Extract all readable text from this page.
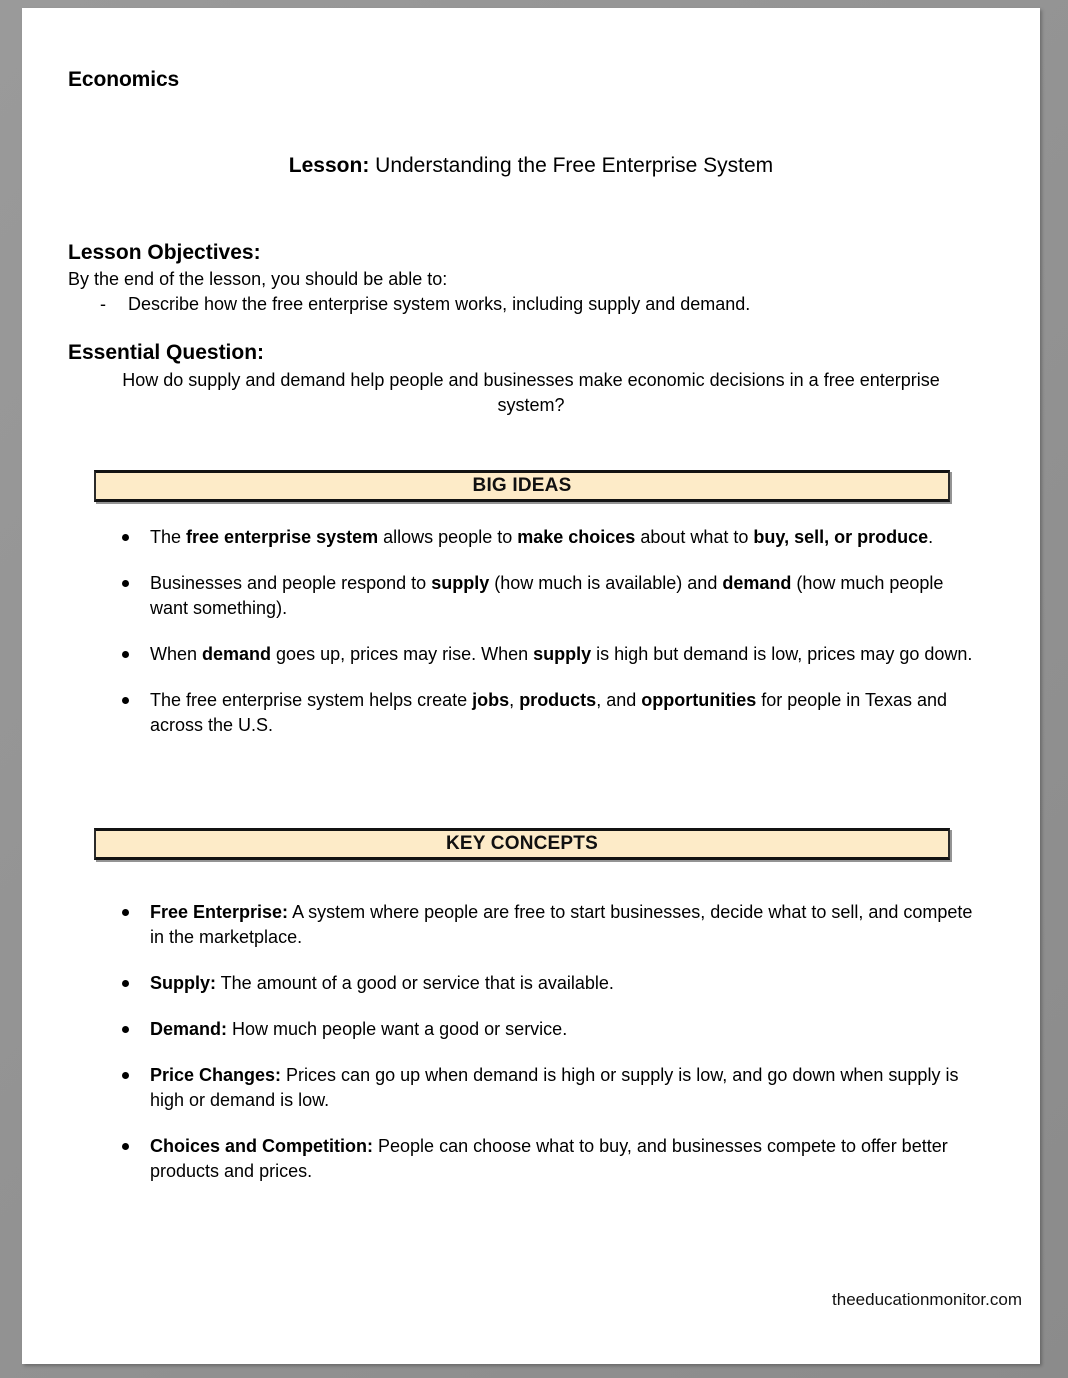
Economics
Lesson: Understanding the Free Enterprise System
Lesson Objectives:
By the end of the lesson, you should be able to:
- Describe how the free enterprise system works, including supply and demand.
Essential Question:
How do supply and demand help people and businesses make economic decisions in a free enterprise system?
BIG IDEAS
The free enterprise system allows people to make choices about what to buy, sell, or produce.
Businesses and people respond to supply (how much is available) and demand (how much people want something).
When demand goes up, prices may rise. When supply is high but demand is low, prices may go down.
The free enterprise system helps create jobs, products, and opportunities for people in Texas and across the U.S.
KEY CONCEPTS
Free Enterprise: A system where people are free to start businesses, decide what to sell, and compete in the marketplace.
Supply: The amount of a good or service that is available.
Demand: How much people want a good or service.
Price Changes: Prices can go up when demand is high or supply is low, and go down when supply is high or demand is low.
Choices and Competition: People can choose what to buy, and businesses compete to offer better products and prices.
theeducationmonitor.com
